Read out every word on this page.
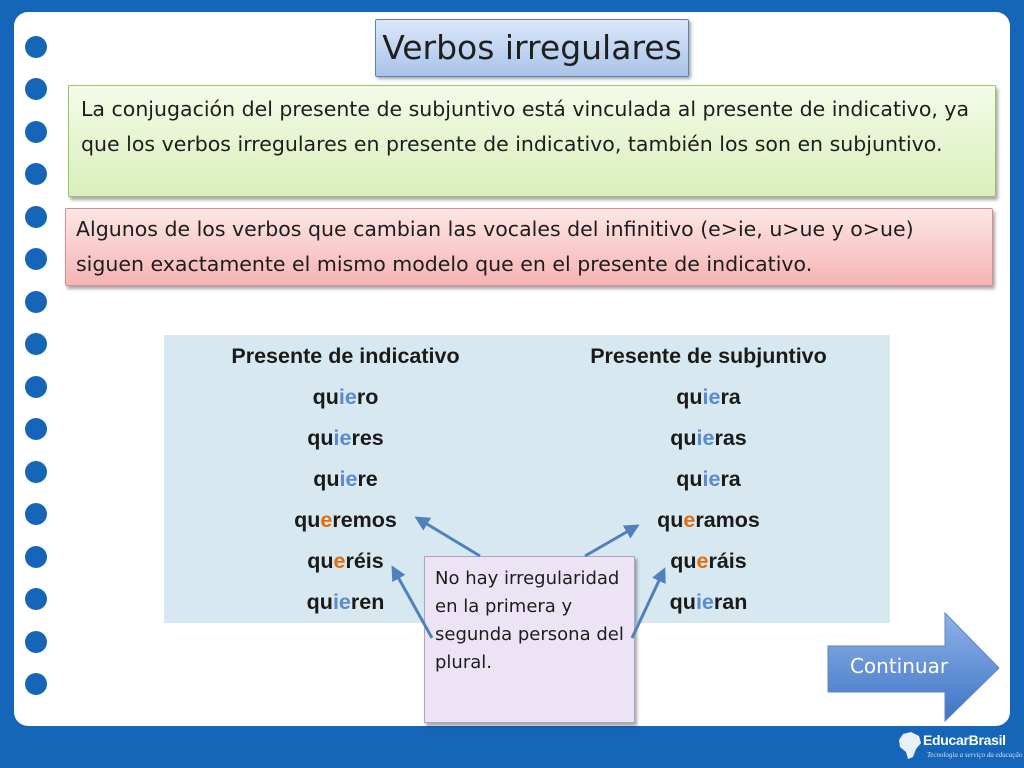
Verbos irregulares
La conjugación del presente de subjuntivo está vinculada al presente de indicativo, ya que los verbos irregulares en presente de indicativo, también los son en subjuntivo.
Algunos de los verbos que cambian las vocales del infinitivo (e>ie, u>ue y o>ue) siguen exactamente el mismo modelo que en el presente de indicativo.
Presente de indicativo
quiero
quieres
quiere
queremos
queréis
quieren
Presente de subjuntivo
quiera
quieras
quiera
queramos
queráis
quieran
No hay irregularidad en la primera y segunda persona del plural.	Continuar
EducarBrasil
Tecnologia a serviço da educação
